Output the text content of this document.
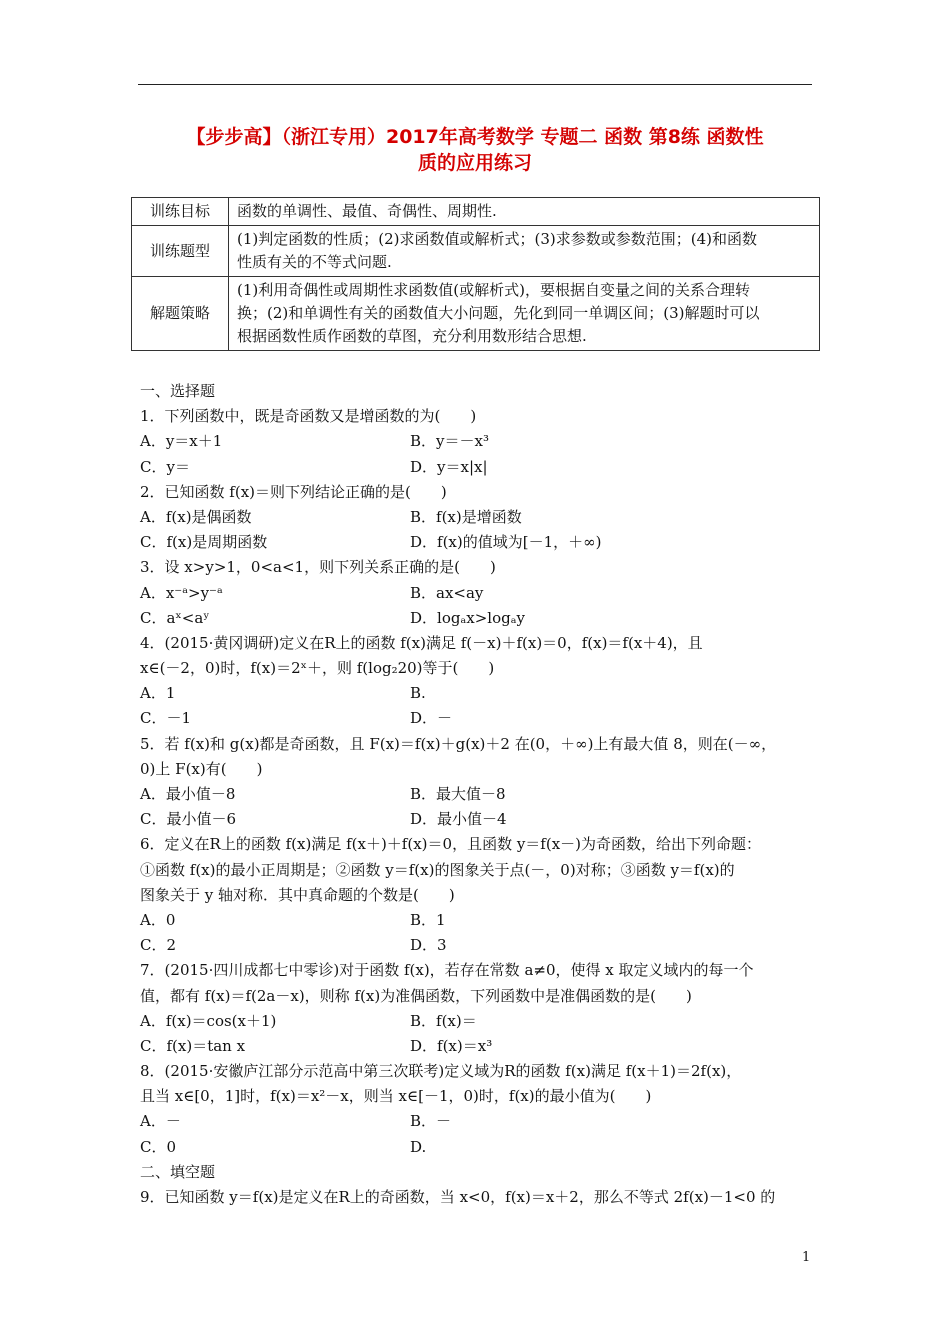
【步步高】（浙江专用）2017年高考数学 专题二 函数 第8练 函数性
质的应用练习
训练目标	函数的单调性、最值、奇偶性、周期性.

训练题型	(1)判定函数的性质；(2)求函数值或解析式；(3)求参数或参数范围；(4)和函数
性质有关的不等式问题.

解题策略	(1)利用奇偶性或周期性求函数值(或解析式)，要根据自变量之间的关系合理转
换；(2)和单调性有关的函数值大小问题，先化到同一单调区间；(3)解题时可以
根据函数性质作函数的草图，充分利用数形结合思想.
一、选择题
1．下列函数中，既是奇函数又是增函数的为(　　)
A．y＝x＋1	B．y＝－x³
C．y＝	D．y＝x|x|
2．已知函数 f(x)＝则下列结论正确的是(　　)
A．f(x)是偶函数	B．f(x)是增函数
C．f(x)是周期函数	D．f(x)的值域为[－1，＋∞)
3．设 x>y>1，0<a<1，则下列关系正确的是(　　)
A．x⁻ᵃ>y⁻ᵃ	B．ax<ay
C．aˣ<aʸ	D．logₐx>logₐy
4．(2015·黄冈调研)定义在R上的函数 f(x)满足 f(－x)＋f(x)＝0，f(x)＝f(x＋4)，且
x∈(－2，0)时，f(x)＝2ˣ＋，则 f(log₂20)等于(　　)
A．1	B.
C．－1	D．－
5．若 f(x)和 g(x)都是奇函数，且 F(x)＝f(x)＋g(x)＋2 在(0，＋∞)上有最大值 8，则在(－∞，
0)上 F(x)有(　　)
A．最小值－8	B．最大值－8
C．最小值－6	D．最小值－4
6．定义在R上的函数 f(x)满足 f(x＋)＋f(x)＝0，且函数 y＝f(x－)为奇函数，给出下列命题：
①函数 f(x)的最小正周期是；②函数 y＝f(x)的图象关于点(－，0)对称；③函数 y＝f(x)的
图象关于 y 轴对称．其中真命题的个数是(　　)
A．0	B．1
C．2	D．3
7．(2015·四川成都七中零诊)对于函数 f(x)，若存在常数 a≠0，使得 x 取定义域内的每一个
值，都有 f(x)＝f(2a－x)，则称 f(x)为准偶函数，下列函数中是准偶函数的是(　　)
A．f(x)＝cos(x＋1)	B．f(x)＝
C．f(x)＝tan x	D．f(x)＝x³
8．(2015·安徽庐江部分示范高中第三次联考)定义域为R的函数 f(x)满足 f(x＋1)＝2f(x)，
且当 x∈[0，1]时，f(x)＝x²－x，则当 x∈[－1，0)时，f(x)的最小值为(　　)
A．－	B．－
C．0	D.
二、填空题
9．已知函数 y＝f(x)是定义在R上的奇函数，当 x<0，f(x)＝x＋2，那么不等式 2f(x)－1<0 的
1
